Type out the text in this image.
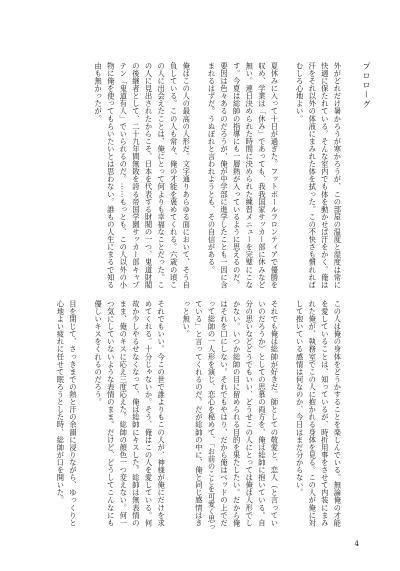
プロローグ

外がどれだけ暑かろうが寒かろうが、この部屋の温度と湿度は常に快適に保たれている。そんな室内でも体を動かせば汗をかく。俺は汗をそれ以外の体液にまみれた体を拭った。この不快さも慣れればむしろ心地よい。

夏休みに入って十日が過ぎた。フットボールフロンティアで優勝を収め、学業は「休み」であっても、我我国家サッカー部に休みなど無い。連日決められた時間に決められた練習メニューを完璧にこなす。今夏は総帥の指導にも一層熱が入っているように思えるのだ。要因は色々あるのだろうが、俺が中学部に進学したことも一因に含まれるはずだ。うぬぼれと言われようとも、その自信がある。

俺はこの人の最高の人形だ。文字通りあらゆる面において、そう自負している。この人も常々、俺の才能を褒めてくれる。六歳の頃この人に出会えたことは、俺にとって何よりも幸福なことだった。この人に見出されたからこそ、日本を代表する財閥の一つ、鬼道財閥の後継者として、二十九年間無敗を誇る帝国学園サッカー部キャプテン「鬼道有人」でいられるのだ。……もっとも、この人以外の小物に俺を使ってもらいたいとは思わない。誰もの人生にまるで知る由も無かったが。

この人は俺の身体をどうかすることを楽しんでいる。無論俺の才能を愛していることは、知っているが、時折用事をさせて内装にまみれた俺が、執務室でこの人に抱かれる身体を見る。この人が俺に対して抱いている感情は何なのか、今日はまだ分からない。

それでも俺は総帥が好きだ。師としての敬愛と、恋人（と言っていいのだろうか）としての思慕の両方を、俺は総帥に抱いている。自分の思いなどどうでもいい、どうせこの人にとっては俺は人形でしかない。いつか総帥の目に留められる目的を果たしたい。だから俺はそれを口にしない。それでもやはり、だから俺はベッドの上でだって総帥の一人形を演じ、恋心を秘めて、「お前のことを可愛く思っている」と言ってくれるのだ。だが総帥の中に、俺と同じ感情はきっと無い。

それでもいい。今この世で誰よりもこの人が、神様が俺にだけを求めてくれる。十分じゃないか。そう、俺はこの人を愛している。何故か少しやるせなくなって、俺は総帥にキスした。総帥は無表情のまま、俺のキスに応え三度応えた。総帥の顔色一つ変えない。何一つ気にしていないような表情のまま。だけど、どうしてこんなにも優しいキスをくれるのだろう。

目を閉じて、さっきまでの熱と汗の余韻に浸りながら、ゆっくりと心地よい疲れに任せて眠ろうとした時、総帥が口を開いた。

4
